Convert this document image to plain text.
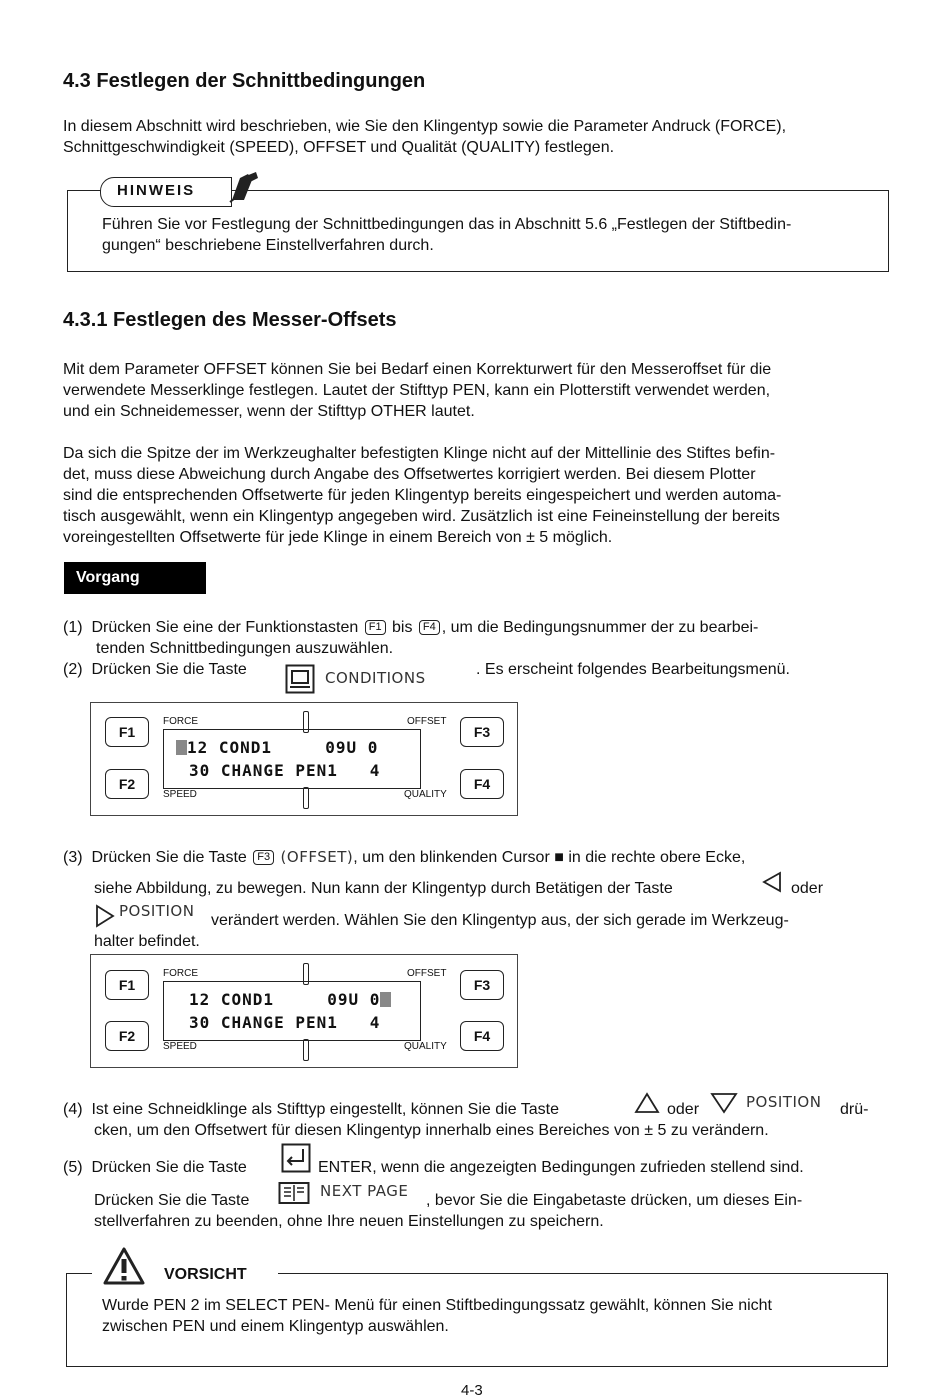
4.3 Festlegen der Schnittbedingungen
In diesem Abschnitt wird beschrieben, wie Sie den Klingentyp sowie die Parameter Andruck (FORCE),
Schnittgeschwindigkeit (SPEED), OFFSET und Qualität (QUALITY) festlegen.
HINWEIS
Führen Sie vor Festlegung der Schnittbedingungen das in Abschnitt 5.6 „Festlegen der Stiftbedin-
gungen“ beschriebene Einstellverfahren durch.
4.3.1 Festlegen des Messer-Offsets
Mit dem Parameter OFFSET können Sie bei Bedarf einen Korrekturwert für den Messeroffset für die
verwendete Messerklinge festlegen. Lautet der Stifttyp PEN, kann ein Plotterstift verwendet werden,
und ein Schneidemesser, wenn der Stifttyp OTHER lautet.
Da sich die Spitze der im Werkzeughalter befestigten Klinge nicht auf der Mittellinie des Stiftes befin-
det, muss diese Abweichung durch Angabe des Offsetwertes korrigiert werden. Bei diesem Plotter
sind die entsprechenden Offsetwerte für jeden Klingentyp bereits eingespeichert und werden automa-
tisch ausgewählt, wenn ein Klingentyp angegeben wird. Zusätzlich ist eine Feineinstellung der bereits
voreingestellten Offsetwerte für jede Klinge in einem Bereich von ± 5 möglich.
Vorgang
(1) Drücken Sie eine der Funktionstasten F1 bis F4 , um die Bedingungsnummer der zu bearbei-
tenden Schnittbedingungen auszuwählen.
(2) Drücken Sie die Taste	CONDITIONS	. Es erscheint folgendes Bearbeitungsmenü.
F1
F2
F3
F4
FORCE	OFFSET
SPEED	QUALITY
12 COND1     09U 0
30 CHANGE PEN1   4
(3) Drücken Sie die Taste F3 (OFFSET), um den blinkenden Cursor ■ in die rechte obere Ecke,
siehe Abbildung, zu bewegen. Nun kann der Klingentyp durch Betätigen der Taste	oder
POSITION
verändert werden. Wählen Sie den Klingentyp aus, der sich gerade im Werkzeug-
halter befindet.
F1
F2
F3
F4
FORCE	OFFSET
SPEED	QUALITY
12 COND1     09U 0
30 CHANGE PEN1   4
(4) Ist eine Schneidklinge als Stifttyp eingestellt, können Sie die Taste	oder	POSITION drü-
cken, um den Offsetwert für diesen Klingentyp innerhalb eines Bereiches von ± 5 zu verändern.
(5) Drücken Sie die Taste	ENTER, wenn die angezeigten Bedingungen zufrieden stellend sind.
Drücken Sie die Taste
NEXT PAGE
, bevor Sie die Eingabetaste drücken, um dieses Ein-
stellverfahren zu beenden, ohne Ihre neuen Einstellungen zu speichern.
VORSICHT
Wurde PEN 2 im SELECT PEN- Menü für einen Stiftbedingungssatz gewählt, können Sie nicht
zwischen PEN und einem Klingentyp auswählen.
4-3
